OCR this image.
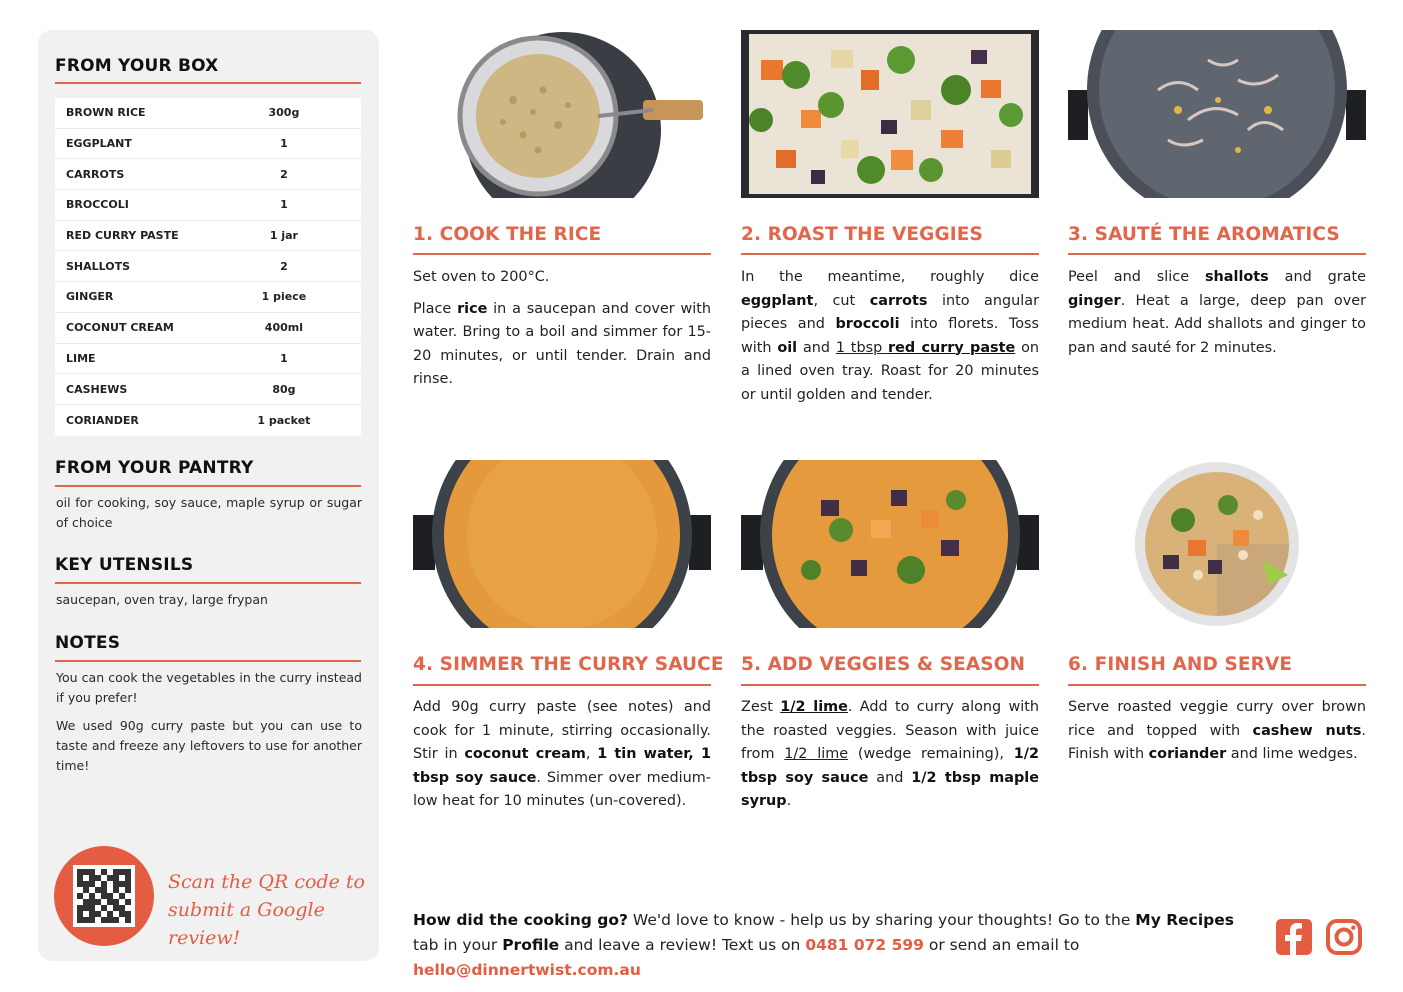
FROM YOUR BOX
BROWN RICE	300g
EGGPLANT	1
CARROTS	2
BROCCOLI	1
RED CURRY PASTE	1 jar
SHALLOTS	2
GINGER	1 piece
COCONUT CREAM	400ml
LIME	1
CASHEWS	80g
CORIANDER	1 packet
FROM YOUR PANTRY
oil for cooking, soy sauce, maple syrup or sugar of choice
KEY UTENSILS
saucepan, oven tray, large frypan
NOTES
You can cook the vegetables in the curry instead if you prefer!
We used 90g curry paste but you can use to taste and freeze any leftovers to use for another time!
Scan the QR code to
submit a Google review!
1. COOK THE RICE	2. ROAST THE VEGGIES	3. SAUTÉ THE AROMATICS
4. SIMMER THE CURRY SAUCE 5. ADD VEGGIES & SEASON 6. FINISH AND SERVE

Set oven to 200°C.

Place rice in a saucepan and cover with water. Bring to a boil and simmer for 15-20 minutes, or until tender. Drain and rinse.

In the meantime, roughly dice eggplant, cut carrots into angular pieces and broccoli into florets. Toss with oil and 1 tbsp red curry paste on a lined oven tray. Roast for 20 minutes or until golden and tender.

Peel and slice shallots and grate ginger. Heat a large, deep pan over medium heat. Add shallots and ginger to pan and sauté for 2 minutes.

Add 90g curry paste (see notes) and cook for 1 minute, stirring occasionally. Stir in coconut cream, 1 tin water, 1 tbsp soy sauce. Simmer over medium-low heat for 10 minutes (un-covered).

Zest 1/2 lime. Add to curry along with the roasted veggies. Season with juice from 1/2 lime (wedge remaining), 1/2 tbsp soy sauce and 1/2 tbsp maple syrup.

Serve roasted veggie curry over brown rice and topped with cashew nuts. Finish with coriander and lime wedges.

How did the cooking go? We'd love to know - help us by sharing your thoughts! Go to the My Recipes tab in your Profile and leave a review! Text us on 0481 072 599 or send an email to hello@dinnertwist.com.au
